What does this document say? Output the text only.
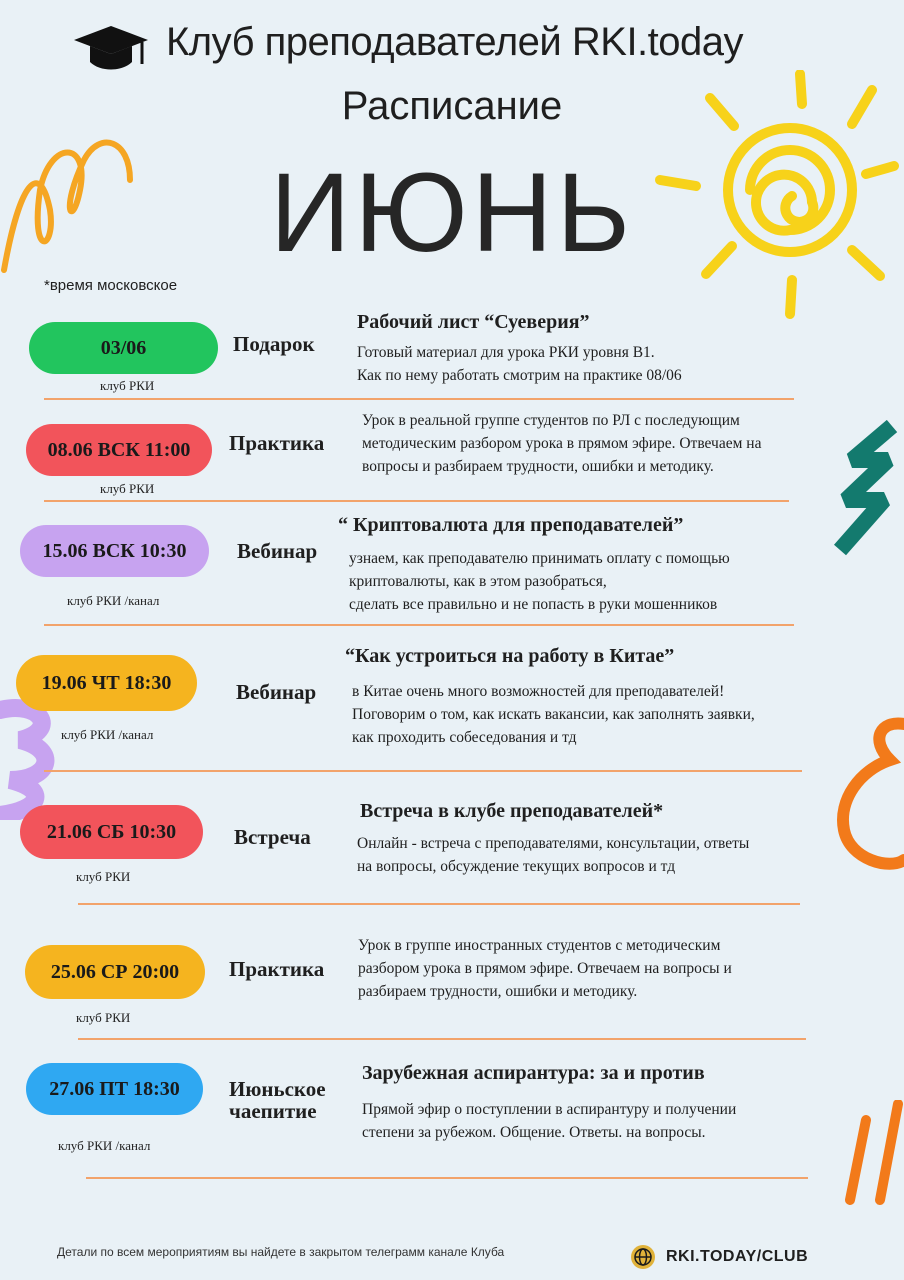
Клуб преподавателей RKI.today
Расписание
ИЮНЬ
*время московское
03/06
клуб РКИ
Подарок
Рабочий лист “Суеверия”
Готовый материал для урока РКИ уровня В1.
Как по нему работать смотрим на практике 08/06
08.06 ВСК 11:00
клуб РКИ
Практика
Урок в реальной группе студентов по РЛ с последующим
методическим разбором урока в прямом эфире. Отвечаем на
вопросы и разбираем трудности, ошибки и методику.
15.06 ВСК 10:30
клуб РКИ /канал
Вебинар
“ Криптовалюта для преподавателей”
узнаем, как преподавателю принимать оплату с помощью
криптовалюты, как в этом разобраться,
сделать все правильно и не попасть в руки мошенников
19.06 ЧТ 18:30
клуб РКИ /канал
Вебинар
“Как устроиться на работу в Китае”
в Китае очень много возможностей для преподавателей!
Поговорим о том, как искать вакансии, как заполнять заявки,
как проходить собеседования и тд
21.06 СБ 10:30
клуб РКИ
Встреча
Встреча в клубе преподавателей*
Онлайн - встреча с преподавателями, консультации, ответы
на вопросы, обсуждение текущих вопросов и тд
25.06 СР 20:00
клуб РКИ
Практика
Урок в группе иностранных студентов с методическим
разбором урока в прямом эфире. Отвечаем на вопросы и
разбираем трудности, ошибки и методику.
27.06 ПТ 18:30
клуб РКИ /канал
Июньское чаепитие
Зарубежная аспирантура: за и против
Прямой эфир о поступлении в аспирантуру и получении
степени за рубежом. Общение. Ответы. на вопросы.
Детали по всем мероприятиям вы найдете в закрытом телеграмм канале Клуба	RKI.TODAY/CLUB
